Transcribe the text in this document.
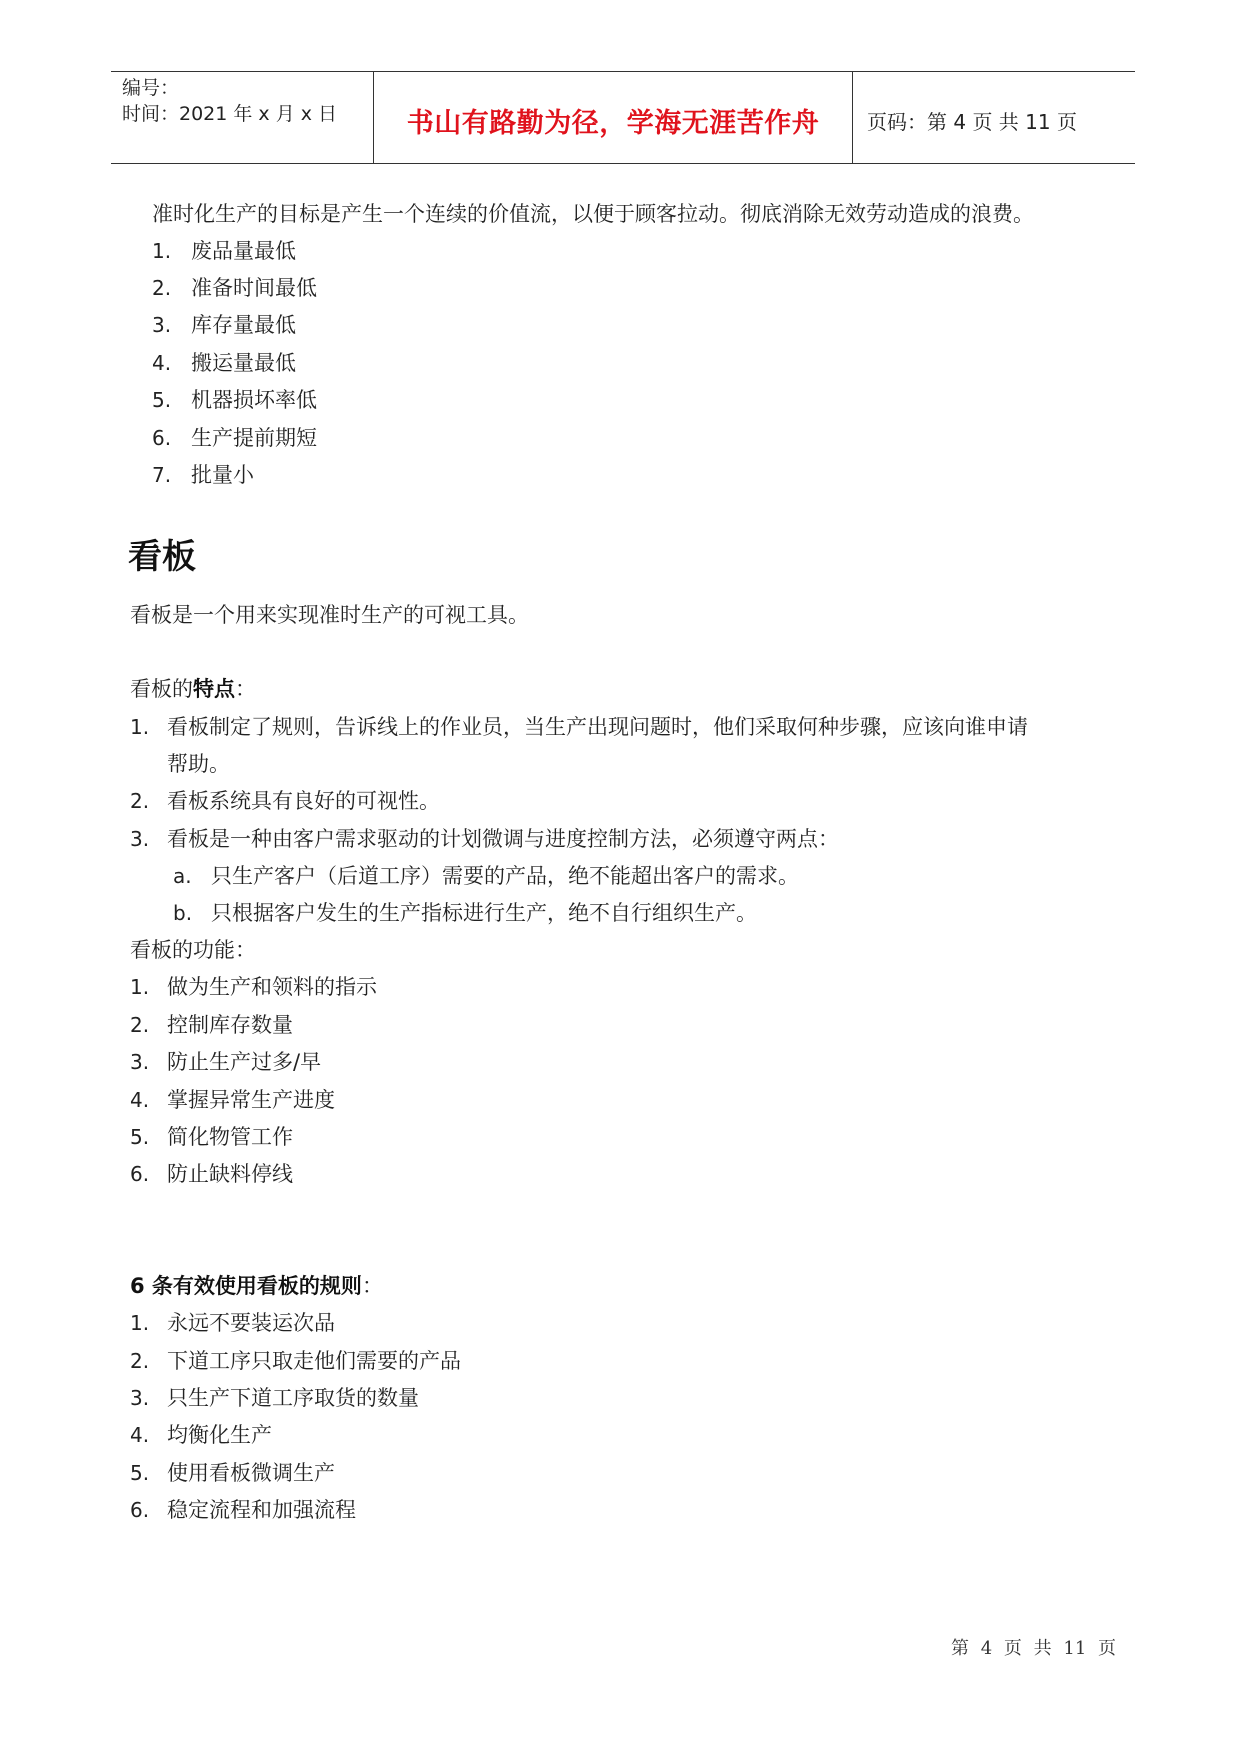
编号：
时间：2021 年 x 月 x 日	书山有路勤为径，学海无涯苦作舟 页码：第 4 页 共 11 页
准时化生产的目标是产生一个连续的价值流，以便于顾客拉动。彻底消除无效劳动造成的浪费。
1. 废品量最低
2. 准备时间最低
3. 库存量最低
4. 搬运量最低
5. 机器损坏率低
6. 生产提前期短
7. 批量小
看板
看板是一个用来实现准时生产的可视工具。
看板的特点：
1. 看板制定了规则，告诉线上的作业员，当生产出现问题时，他们采取何种步骤，应该向谁申请
帮助。
2. 看板系统具有良好的可视性。
3. 看板是一种由客户需求驱动的计划微调与进度控制方法，必须遵守两点：
a. 只生产客户（后道工序）需要的产品，绝不能超出客户的需求。
b. 只根据客户发生的生产指标进行生产，绝不自行组织生产。
看板的功能：
1. 做为生产和领料的指示
2. 控制库存数量
3. 防止生产过多/早
4. 掌握异常生产进度
5. 简化物管工作
6. 防止缺料停线
6 条有效使用看板的规则：
1. 永远不要装运次品
2. 下道工序只取走他们需要的产品
3. 只生产下道工序取货的数量
4. 均衡化生产
5. 使用看板微调生产
6. 稳定流程和加强流程
第 4 页 共 11 页
